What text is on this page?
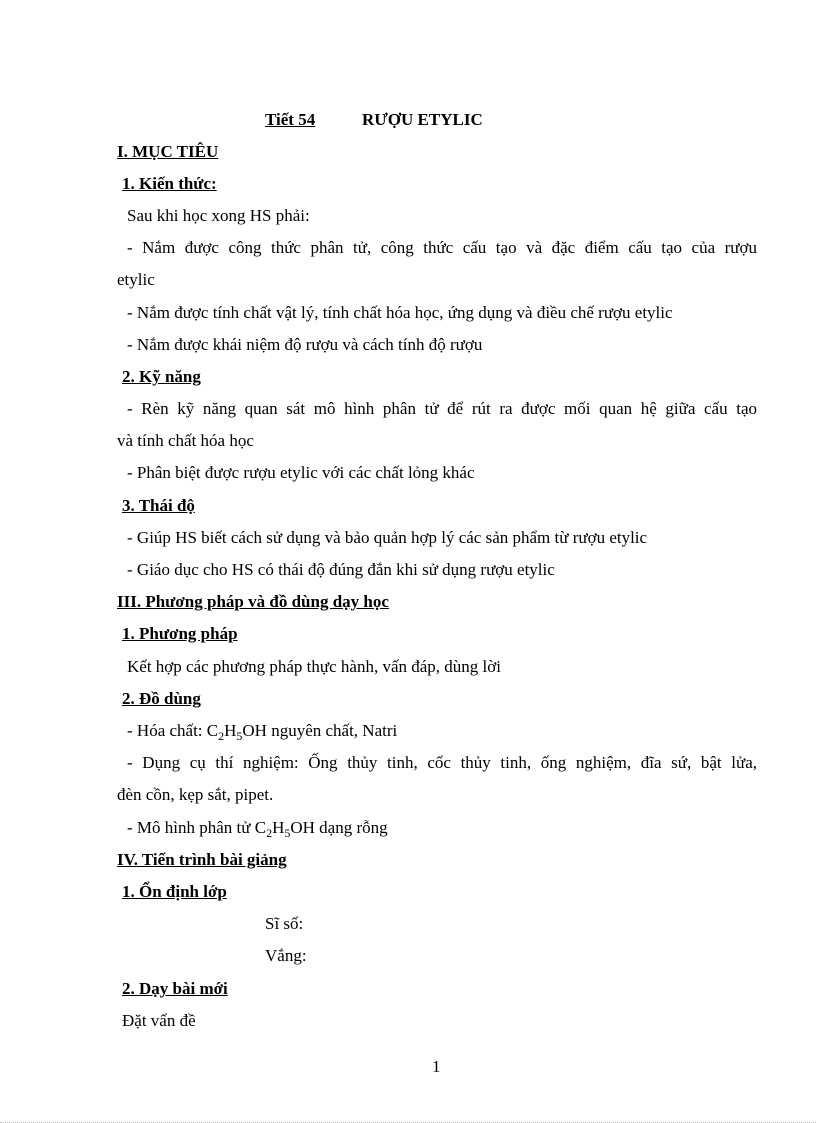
Tiết 54	RƯỢU ETYLIC
I. MỤC TIÊU
1. Kiến thức:
Sau khi học xong HS phải:
- Nắm được công thức phân tử, công thức cấu tạo và đặc điểm cấu tạo của rượu
etylic
- Nắm được tính chất vật lý, tính chất hóa học, ứng dụng và điều chế rượu etylic
- Nắm được khái niệm độ rượu và cách tính độ rượu
2. Kỹ năng
- Rèn kỹ năng quan sát mô hình phân tử để rút ra được mối quan hệ giữa cấu tạo
và tính chất hóa học
- Phân biệt được rượu etylic với các chất lỏng khác
3. Thái độ
- Giúp HS biết cách sử dụng và bảo quản hợp lý các sản phẩm từ rượu etylic
- Giáo dục cho HS có thái độ đúng đắn khi sử dụng rượu etylic
III. Phương pháp và đồ dùng dạy học
1. Phương pháp
Kết hợp các phương pháp thực hành, vấn đáp, dùng lời
2. Đồ dùng
- Hóa chất: $C_2H_5OH$ nguyên chất, Natri
- Dụng cụ thí nghiệm: Ống thủy tinh, cốc thủy tinh, ống nghiệm, đĩa sứ, bật lửa,
đèn cồn, kẹp sắt, pipet.
- Mô hình phân tử $C_2H_5OH$ dạng rỗng
IV. Tiến trình bài giảng
1. Ổn định lớp
Sĩ số:
Vắng:
2. Dạy bài mới
Đặt vấn đề
1
